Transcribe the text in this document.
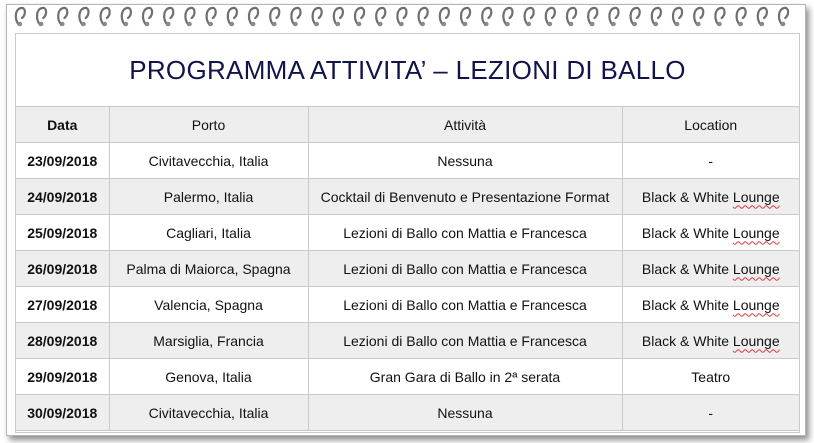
PROGRAMMA ATTIVITA’ – LEZIONI DI BALLO
Data	Porto	Attività	Location
23/09/2018	Civitavecchia, Italia	Nessuna	-
24/09/2018	Palermo, Italia	Cocktail di Benvenuto e Presentazione Format	Black & White Lounge
25/09/2018	Cagliari, Italia	Lezioni di Ballo con Mattia e Francesca	Black & White Lounge
26/09/2018	Palma di Maiorca, Spagna	Lezioni di Ballo con Mattia e Francesca	Black & White Lounge
27/09/2018	Valencia, Spagna	Lezioni di Ballo con Mattia e Francesca	Black & White Lounge
28/09/2018	Marsiglia, Francia	Lezioni di Ballo con Mattia e Francesca	Black & White Lounge
29/09/2018	Genova, Italia	Gran Gara di Ballo in 2ª serata	Teatro
30/09/2018	Civitavecchia, Italia	Nessuna	-
